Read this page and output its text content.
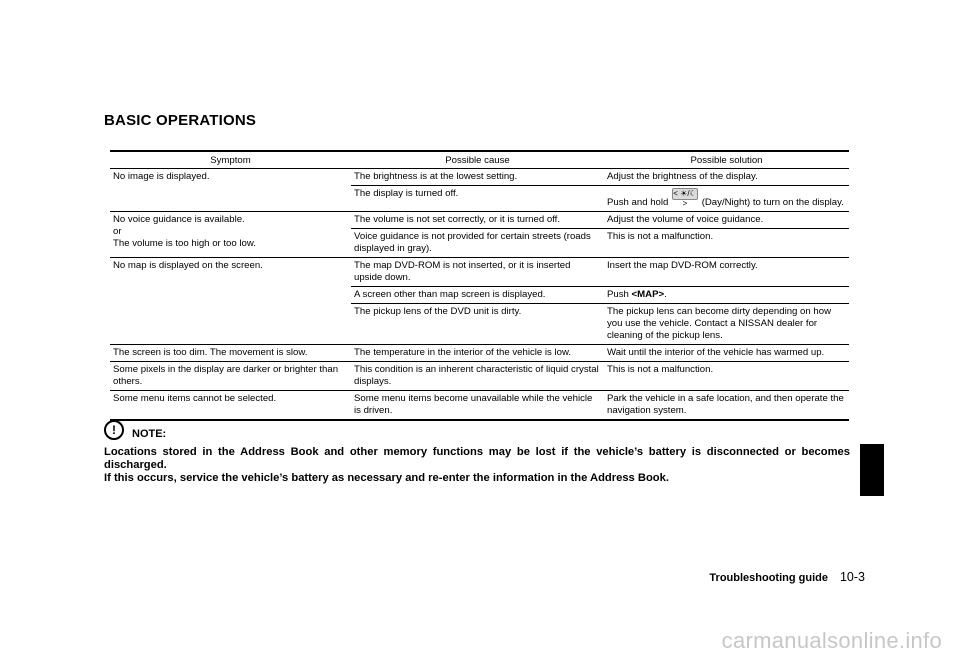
BASIC OPERATIONS
Symptom	Possible cause	Possible solution
No image is displayed.	The brightness is at the lowest setting.	Adjust the brightness of the display.
	The display is turned off.	Push and hold < ☀/☾ > (Day/Night) to turn on the display.

No voice guidance is available.
or
The volume is too high or too low.	The volume is not set correctly, or it is turned off.	Adjust the volume of voice guidance.
	Voice guidance is not provided for certain streets (roads displayed in gray).	This is not a malfunction.
No map is displayed on the screen.	The map DVD-ROM is not inserted, or it is inserted upside down.	Insert the map DVD-ROM correctly.
	A screen other than map screen is displayed.	Push <MAP>.
	The pickup lens of the DVD unit is dirty.	The pickup lens can become dirty depending on how you use the vehicle. Contact a NISSAN dealer for cleaning of the pickup lens.
The screen is too dim. The movement is slow.	The temperature in the interior of the vehicle is low.	Wait until the interior of the vehicle has warmed up.
Some pixels in the display are darker or brighter than others.	This condition is an inherent characteristic of liquid crystal displays.	This is not a malfunction.
Some menu items cannot be selected.	Some menu items become unavailable while the vehicle is driven.	Park the vehicle in a safe location, and then operate the navigation system.
!	NOTE:
Locations stored in the Address Book and other memory functions may be lost if the vehicle’s battery is disconnected or becomes discharged.
If this occurs, service the vehicle’s battery as necessary and re-enter the information in the Address Book.
Troubleshooting guide 10-3
carmanualsonline.info
